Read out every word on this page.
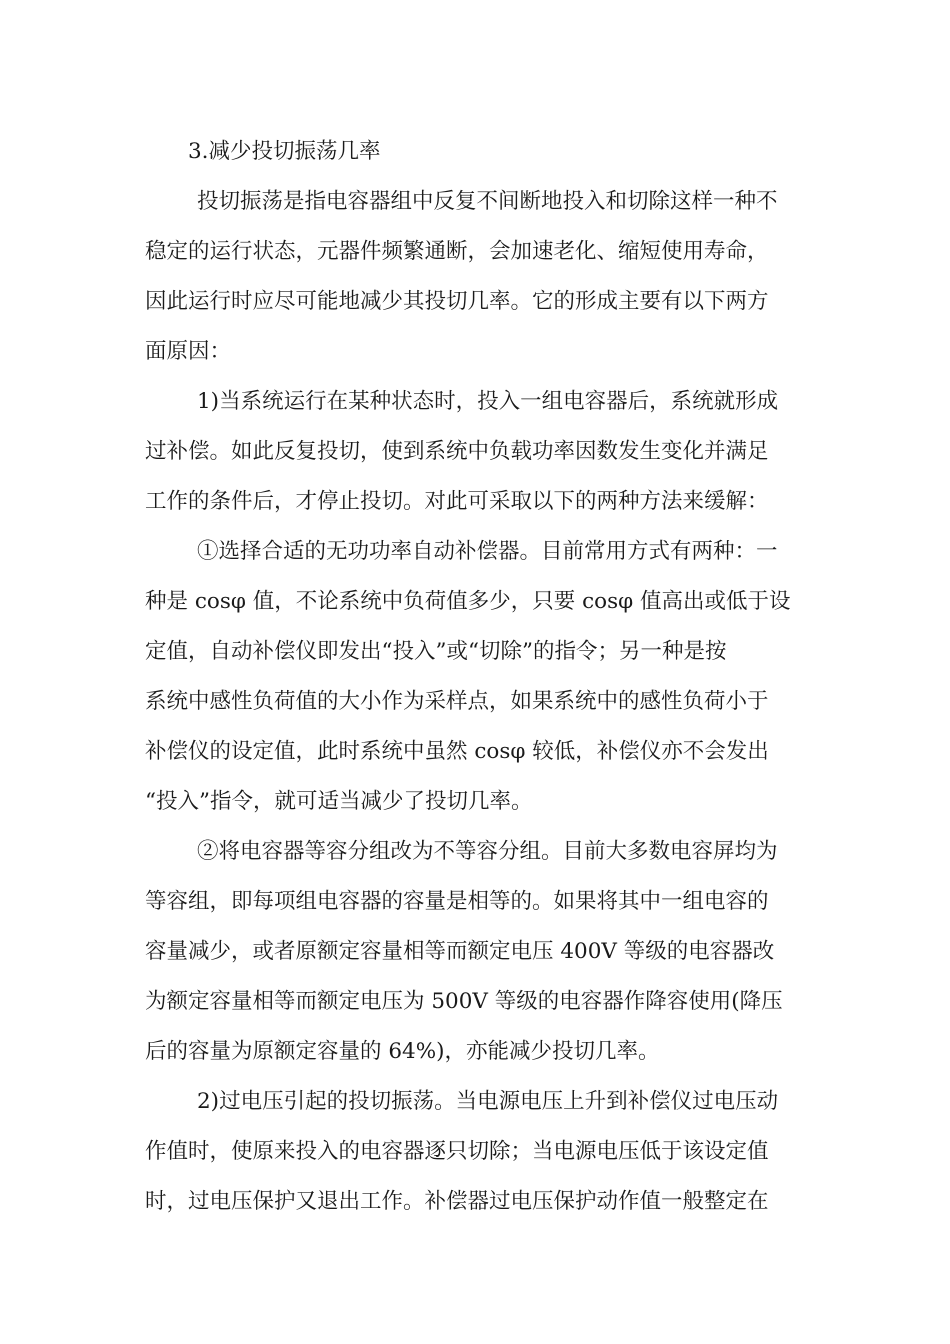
3.减少投切振荡几率
投切振荡是指电容器组中反复不间断地投入和切除这样一种不
稳定的运行状态，元器件频繁通断，会加速老化、缩短使用寿命，
因此运行时应尽可能地减少其投切几率。它的形成主要有以下两方
面原因：
1)当系统运行在某种状态时，投入一组电容器后，系统就形成
过补偿。如此反复投切，使到系统中负载功率因数发生变化并满足
工作的条件后，才停止投切。对此可采取以下的两种方法来缓解：
①选择合适的无功功率自动补偿器。目前常用方式有两种：一
种是 cosφ 值，不论系统中负荷值多少，只要 cosφ 值高出或低于设
定值，自动补偿仪即发出“投入”或“切除”的指令；另一种是按
系统中感性负荷值的大小作为采样点，如果系统中的感性负荷小于
补偿仪的设定值，此时系统中虽然 cosφ 较低，补偿仪亦不会发出
“投入”指令，就可适当减少了投切几率。
②将电容器等容分组改为不等容分组。目前大多数电容屏均为
等容组，即每项组电容器的容量是相等的。如果将其中一组电容的
容量减少，或者原额定容量相等而额定电压 400V 等级的电容器改
为额定容量相等而额定电压为 500V 等级的电容器作降容使用(降压
后的容量为原额定容量的 64%)，亦能减少投切几率。
2)过电压引起的投切振荡。当电源电压上升到补偿仪过电压动
作值时，使原来投入的电容器逐只切除；当电源电压低于该设定值
时，过电压保护又退出工作。补偿器过电压保护动作值一般整定在
